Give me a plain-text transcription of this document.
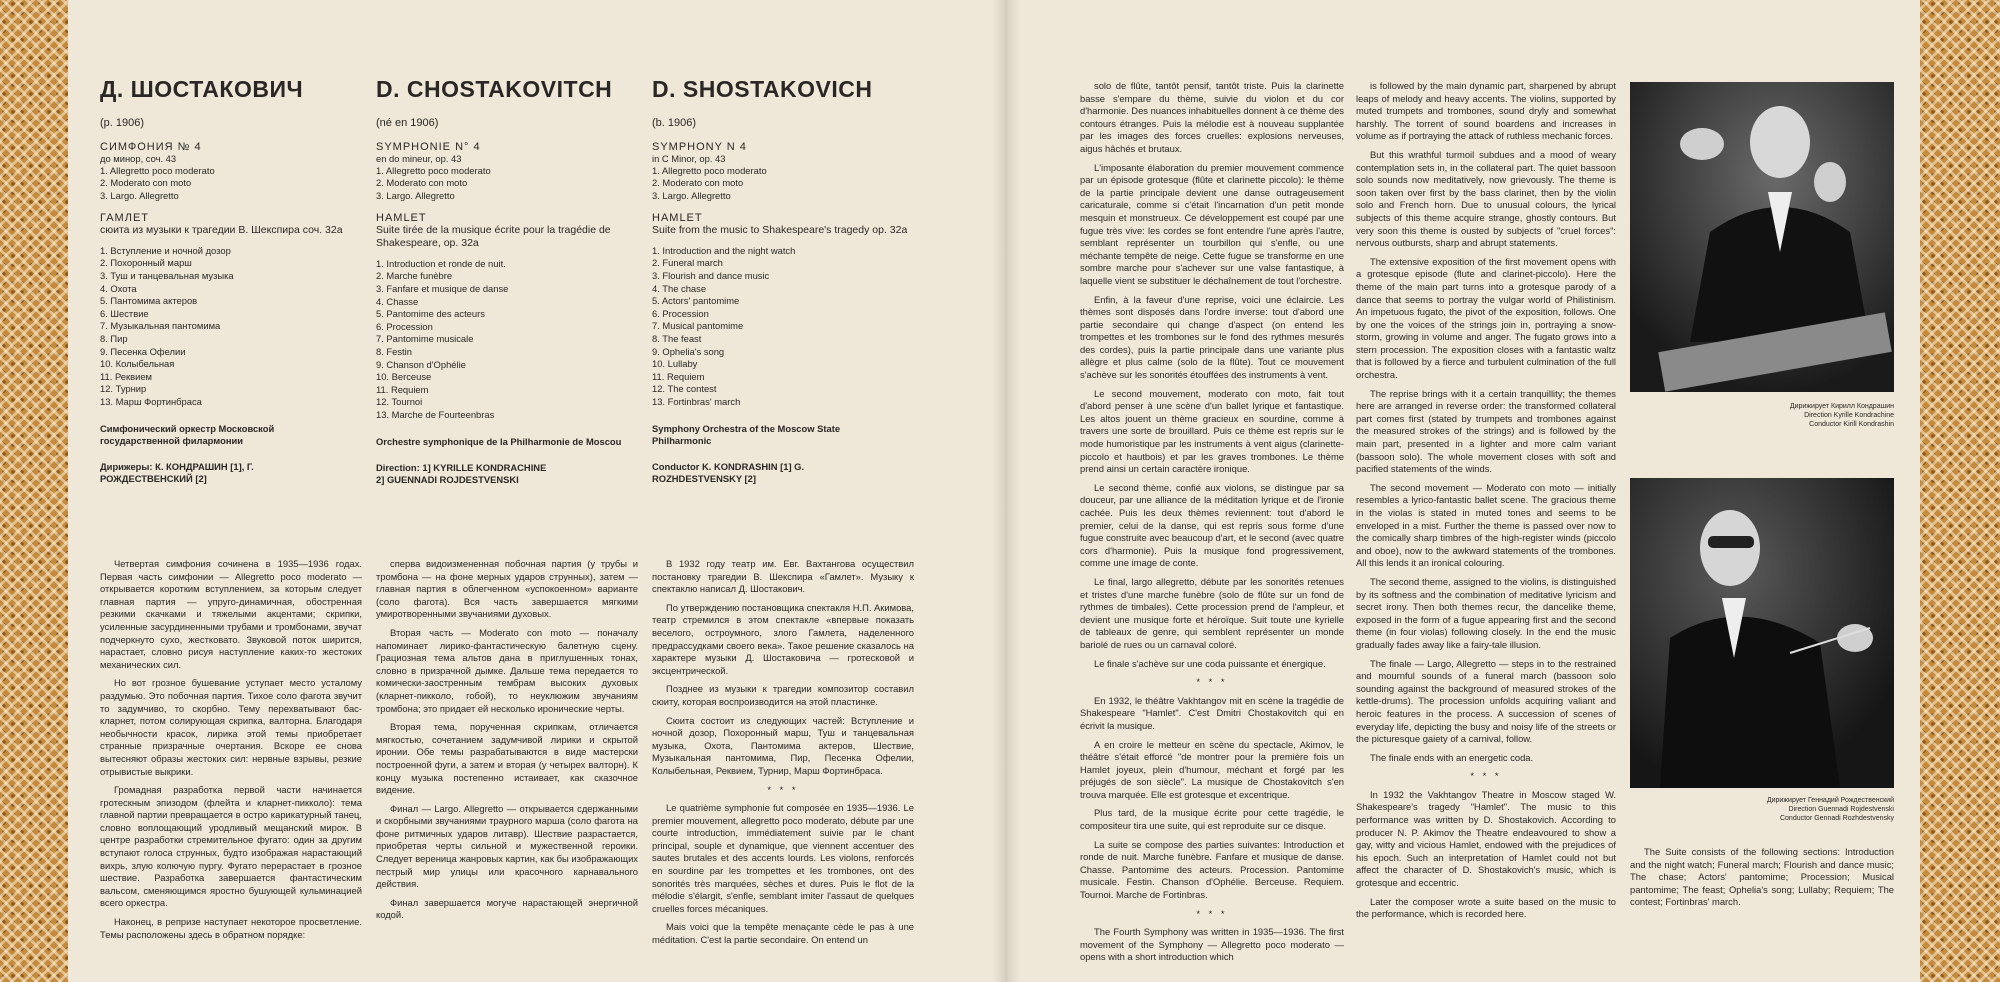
Д. ШОСТАКОВИЧ
(р. 1906)
СИМФОНИЯ № 4
до минор, соч. 43
1. Allegretto poco moderato
2. Moderato con moto
3. Largo. Allegretto
ГАМЛЕТ
сюита из музыки к трагедии В. Шекспира соч. 32а
1. Вступление и ночной дозор
2. Похоронный марш
3. Туш и танцевальная музыка
4. Охота
5. Пантомима актеров
6. Шествие
7. Музыкальная пантомима
8. Пир
9. Песенка Офелии
10. Колыбельная
11. Реквием
12. Турнир
13. Марш Фортинбраса
Симфонический оркестр Московской государственной филармонии
Дирижеры: К. КОНДРАШИН [1], Г. РОЖДЕСТВЕНСКИЙ [2]
D. CHOSTAKOVITCH
(né en 1906)
SYMPHONIE N° 4
en do mineur, op. 43
1. Allegretto poco moderato
2. Moderato con moto
3. Largo. Allegretto
HAMLET
Suite tirée de la musique écrite pour la tragédie de Shakespeare, op. 32a
1. Introduction et ronde de nuit.
2. Marche funèbre
3. Fanfare et musique de danse
4. Chasse
5. Pantomime des acteurs
6. Procession
7. Pantomime musicale
8. Festin
9. Chanson d'Ophélie
10. Berceuse
11. Requiem
12. Tournoi
13. Marche de Fourteenbras
Orchestre symphonique de la Philharmonie de Moscou
Direction: 1] KYRILLE KONDRACHINE 2] GUENNADI ROJDESTVENSKI
D. SHOSTAKOVICH
(b. 1906)
SYMPHONY N 4
in C Minor, op. 43
1. Allegretto poco moderato
2. Moderato con moto
3. Largo. Allegretto
HAMLET
Suite from the music to Shakespeare's tragedy op. 32a
1. Introduction and the night watch
2. Funeral march
3. Flourish and dance music
4. The chase
5. Actors' pantomime
6. Procession
7. Musical pantomime
8. The feast
9. Ophelia's song
10. Lullaby
11. Requiem
12. The contest
13. Fortinbras' march
Symphony Orchestra of the Moscow State Philharmonic
Conductor K. KONDRASHIN [1] G. ROZHDESTVENSKY [2]

Четвертая симфония сочинена в 1935—1936 годах. Первая часть симфонии — Allegretto poco moderato — открывается коротким вступлением, за которым следует главная партия — упруго-динамичная, обостренная резкими скачками и тяжелыми акцентами; скрипки, усиленные засурдиненными трубами и тромбонами, звучат подчеркнуто сухо, жестковато. Звуковой поток ширится, нарастает, словно рисуя наступление каких-то жестоких механических сил.

Но вот грозное бушевание уступает место усталому раздумью. Это побочная партия. Тихое соло фагота звучит то задумчиво, то скорбно. Тему перехватывают бас-кларнет, потом солирующая скрипка, валторна. Благодаря необычности красок, лирика этой темы приобретает странные призрачные очертания. Вскоре ее снова вытесняют образы жестоких сил: нервные взрывы, резкие отрывистые выкрики.

Громадная разработка первой части начинается гротескным эпизодом (флейта и кларнет-пикколо): тема главной партии превращается в остро карикатурный танец, словно воплощающий уродливый мещанский мирок. В центре разработки стремительное фугато: один за другим вступают голоса струнных, будто изображая нарастающий вихрь, злую колючую пургу. Фугато перерастает в грозное шествие. Разработка завершается фантастическим вальсом, сменяющимся яростно бушующей кульминацией всего оркестра.

Наконец, в репризе наступает некоторое просветление. Темы расположены здесь в обратном порядке:

сперва видоизмененная побочная партия (у трубы и тромбона — на фоне мерных ударов струнных), затем — главная партия в облегченном «успокоенном» варианте (соло фагота). Вся часть завершается мягкими умиротворенными звучаниями духовых.

Вторая часть — Moderato con moto — поначалу напоминает лирико-фантастическую балетную сцену. Грациозная тема альтов дана в приглушенных тонах, словно в призрачной дымке. Дальше тема передается то комически-заостренным тембрам высоких духовых (кларнет-пикколо, гобой), то неуклюжим звучаниям тромбона; это придает ей несколько иронические черты.

Вторая тема, порученная скрипкам, отличается мягкостью, сочетанием задумчивой лирики и скрытой иронии. Обе темы разрабатываются в виде мастерски построенной фуги, а затем и вторая (у четырех валторн). К концу музыка постепенно истаивает, как сказочное видение.

Финал — Largo. Allegretto — открывается сдержанными и скорбными звучаниями траурного марша (соло фагота на фоне ритмичных ударов литавр). Шествие разрастается, приобретая черты сильной и мужественной героики. Следует вереница жанровых картин, как бы изображающих пестрый мир улицы или красочного карнавального действия.

Финал завершается могуче нарастающей энергичной кодой.

В 1932 году театр им. Евг. Вахтангова осуществил постановку трагедии В. Шекспира «Гамлет». Музыку к спектаклю написал Д. Шостакович.

По утверждению постановщика спектакля Н.П. Акимова, театр стремился в этом спектакле «впервые показать веселого, остроумного, злого Гамлета, наделенного предрассудками своего века». Такое решение сказалось на характере музыки Д. Шостаковича — гротесковой и эксцентрической.

Позднее из музыки к трагедии композитор составил сюиту, которая воспроизводится на этой пластинке.

Сюита состоит из следующих частей: Вступление и ночной дозор, Похоронный марш, Туш и танцевальная музыка, Охота, Пантомима актеров, Шествие, Музыкальная пантомима, Пир, Песенка Офелии, Колыбельная, Реквием, Турнир, Марш Фортинбраса.

* * *

Le quatrième symphonie fut composée en 1935—1936. Le premier mouvement, allegretto poco moderato, débute par une courte introduction, immédiatement suivie par le chant principal, souple et dynamique, que viennent accentuer des sautes brutales et des accents lourds. Les violons, renforcés en sourdine par les trompettes et les trombones, ont des sonorités très marquées, sèches et dures. Puis le flot de la mélodie s'élargit, s'enfle, semblant imiter l'assaut de quelques cruelles forces mécaniques.

Mais voici que la tempête menaçante cède le pas à une méditation. C'est la partie secondaire. On entend un

solo de flûte, tantôt pensif, tantôt triste. Puis la clarinette basse s'empare du thème, suivie du violon et du cor d'harmonie. Des nuances inhabituelles donnent à ce thème des contours étranges. Puis la mélodie est à nouveau supplantée par les images des forces cruelles: explosions nerveuses, aigus hâchés et brutaux.

L'imposante élaboration du premier mouvement commence par un épisode grotesque (flûte et clarinette piccolo): le thème de la partie principale devient une danse outrageusement caricaturale, comme si c'était l'incarnation d'un petit monde mesquin et monstrueux. Ce développement est coupé par une fugue très vive: les cordes se font entendre l'une après l'autre, semblant représenter un tourbillon qui s'enfle, ou une méchante tempête de neige. Cette fugue se transforme en une sombre marche pour s'achever sur une valse fantastique, à laquelle vient se substituer le déchaînement de tout l'orchestre.

Enfin, à la faveur d'une reprise, voici une éclaircie. Les thèmes sont disposés dans l'ordre inverse: tout d'abord une partie secondaire qui change d'aspect (on entend les trompettes et les trombones sur le fond des rythmes mesurés des cordes), puis la partie principale dans une variante plus allègre et plus calme (solo de la flûte). Tout ce mouvement s'achève sur les sonorités étouffées des instruments à vent.

Le second mouvement, moderato con moto, fait tout d'abord penser à une scène d'un ballet lyrique et fantastique. Les altos jouent un thème gracieux en sourdine, comme à travers une sorte de brouillard. Puis ce thème est repris sur le mode humoristique par les instruments à vent aigus (clarinette-piccolo et hautbois) et par les graves trombones. Le thème prend ainsi un certain caractère ironique.

Le second thème, confié aux violons, se distingue par sa douceur, par une alliance de la méditation lyrique et de l'ironie cachée. Puis les deux thèmes reviennent: tout d'abord le premier, celui de la danse, qui est repris sous forme d'une fugue construite avec beaucoup d'art, et le second (avec quatre cors d'harmonie). Puis la musique fond progressivement, comme une image de conte.

Le final, largo allegretto, débute par les sonorités retenues et tristes d'une marche funèbre (solo de flûte sur un fond de rythmes de timbales). Cette procession prend de l'ampleur, et devient une musique forte et héroïque. Suit toute une kyrielle de tableaux de genre, qui semblent représenter un monde bariolé de rues ou un carnaval coloré.

Le finale s'achève sur une coda puissante et énergique.

* * *

En 1932, le théâtre Vakhtangov mit en scène la tragédie de Shakespeare "Hamlet". C'est Dmitri Chostakovitch qui en écrivit la musique.

A en croire le metteur en scène du spectacle, Akimov, le théâtre s'était efforcé "de montrer pour la première fois un Hamlet joyeux, plein d'humour, méchant et forgé par les préjugés de son siècle". La musique de Chostakovitch s'en trouva marquée. Elle est grotesque et excentrique.

Plus tard, de la musique écrite pour cette tragédie, le compositeur tira une suite, qui est reproduite sur ce disque.

La suite se compose des parties suivantes: Introduction et ronde de nuit. Marche funèbre. Fanfare et musique de danse. Chasse. Pantomime des acteurs. Procession. Pantomime musicale. Festin. Chanson d'Ophélie. Berceuse. Requiem. Tournoi. Marche de Fortinbras.

* * *

The Fourth Symphony was written in 1935—1936. The first movement of the Symphony — Allegretto poco moderato — opens with a short introduction which

is followed by the main dynamic part, sharpened by abrupt leaps of melody and heavy accents. The violins, supported by muted trumpets and trombones, sound dryly and somewhat harshly. The torrent of sound boardens and increases in volume as if portraying the attack of ruthless mechanic forces.

But this wrathful turmoil subdues and a mood of weary contemplation sets in, in the collateral part. The quiet bassoon solo sounds now meditatively, now grievously. The theme is soon taken over first by the bass clarinet, then by the violin solo and French horn. Due to unusual colours, the lyrical subjects of this theme acquire strange, ghostly contours. But very soon this theme is ousted by subjects of "cruel forces": nervous outbursts, sharp and abrupt statements.

The extensive exposition of the first movement opens with a grotesque episode (flute and clarinet-piccolo). Here the theme of the main part turns into a grotesque parody of a dance that seems to portray the vulgar world of Philistinism. An impetuous fugato, the pivot of the exposition, follows. One by one the voices of the strings join in, portraying a snow-storm, growing in volume and anger. The fugato grows into a stern procession. The exposition closes with a fantastic waltz that is followed by a fierce and turbulent culmination of the full orchestra.

The reprise brings with it a certain tranquillity; the themes here are arranged in reverse order: the transformed collateral part comes first (stated by trumpets and trombones against the measured strokes of the strings) and is followed by the main part, presented in a lighter and more calm variant (bassoon solo). The whole movement closes with soft and pacified statements of the winds.

The second movement — Moderato con moto — initially resembles a lyrico-fantastic ballet scene. The gracious theme in the violas is stated in muted tones and seems to be enveloped in a mist. Further the theme is passed over now to the comically sharp timbres of the high-register winds (piccolo and oboe), now to the awkward statements of the trombones. All this lends it an ironical colouring.

The second theme, assigned to the violins, is distinguished by its softness and the combination of meditative lyricism and secret irony. Then both themes recur, the dancelike theme, exposed in the form of a fugue appearing first and the second theme (in four violas) following closely. In the end the music gradually fades away like a fairy-tale illusion.

The finale — Largo, Allegretto — steps in to the restrained and mournful sounds of a funeral march (bassoon solo sounding against the background of measured strokes of the kettle-drums). The procession unfolds acquiring valiant and heroic features in the process. A succession of scenes of everyday life, depicting the busy and noisy life of the streets or the picturesque gaiety of a carnival, follow.

The finale ends with an energetic coda.

* * *

In 1932 the Vakhtangov Theatre in Moscow staged W. Shakespeare's tragedy "Hamlet". The music to this performance was written by D. Shostakovich. According to producer N. P. Akimov the Theatre endeavoured to show a gay, witty and vicious Hamlet, endowed with the prejudices of his epoch. Such an interpretation of Hamlet could not but affect the character of D. Shostakovich's music, which is grotesque and eccentric.

Later the composer wrote a suite based on the music to the performance, which is recorded here.

Дирижирует Кирилл Кондрашин
Direction Kyrille Kondrachine
Conductor Kirill Kondrashin
Дирижирует Геннадий Рождественский
Direction Guennadi Rojdestvenski
Conductor Gennadi Rozhdestvensky

The Suite consists of the following sections: Introduction and the night watch; Funeral march; Flourish and dance music; The chase; Actors' pantomime; Procession; Musical pantomime; The feast; Ophelia's song; Lullaby; Requiem; The contest; Fortinbras' march.
